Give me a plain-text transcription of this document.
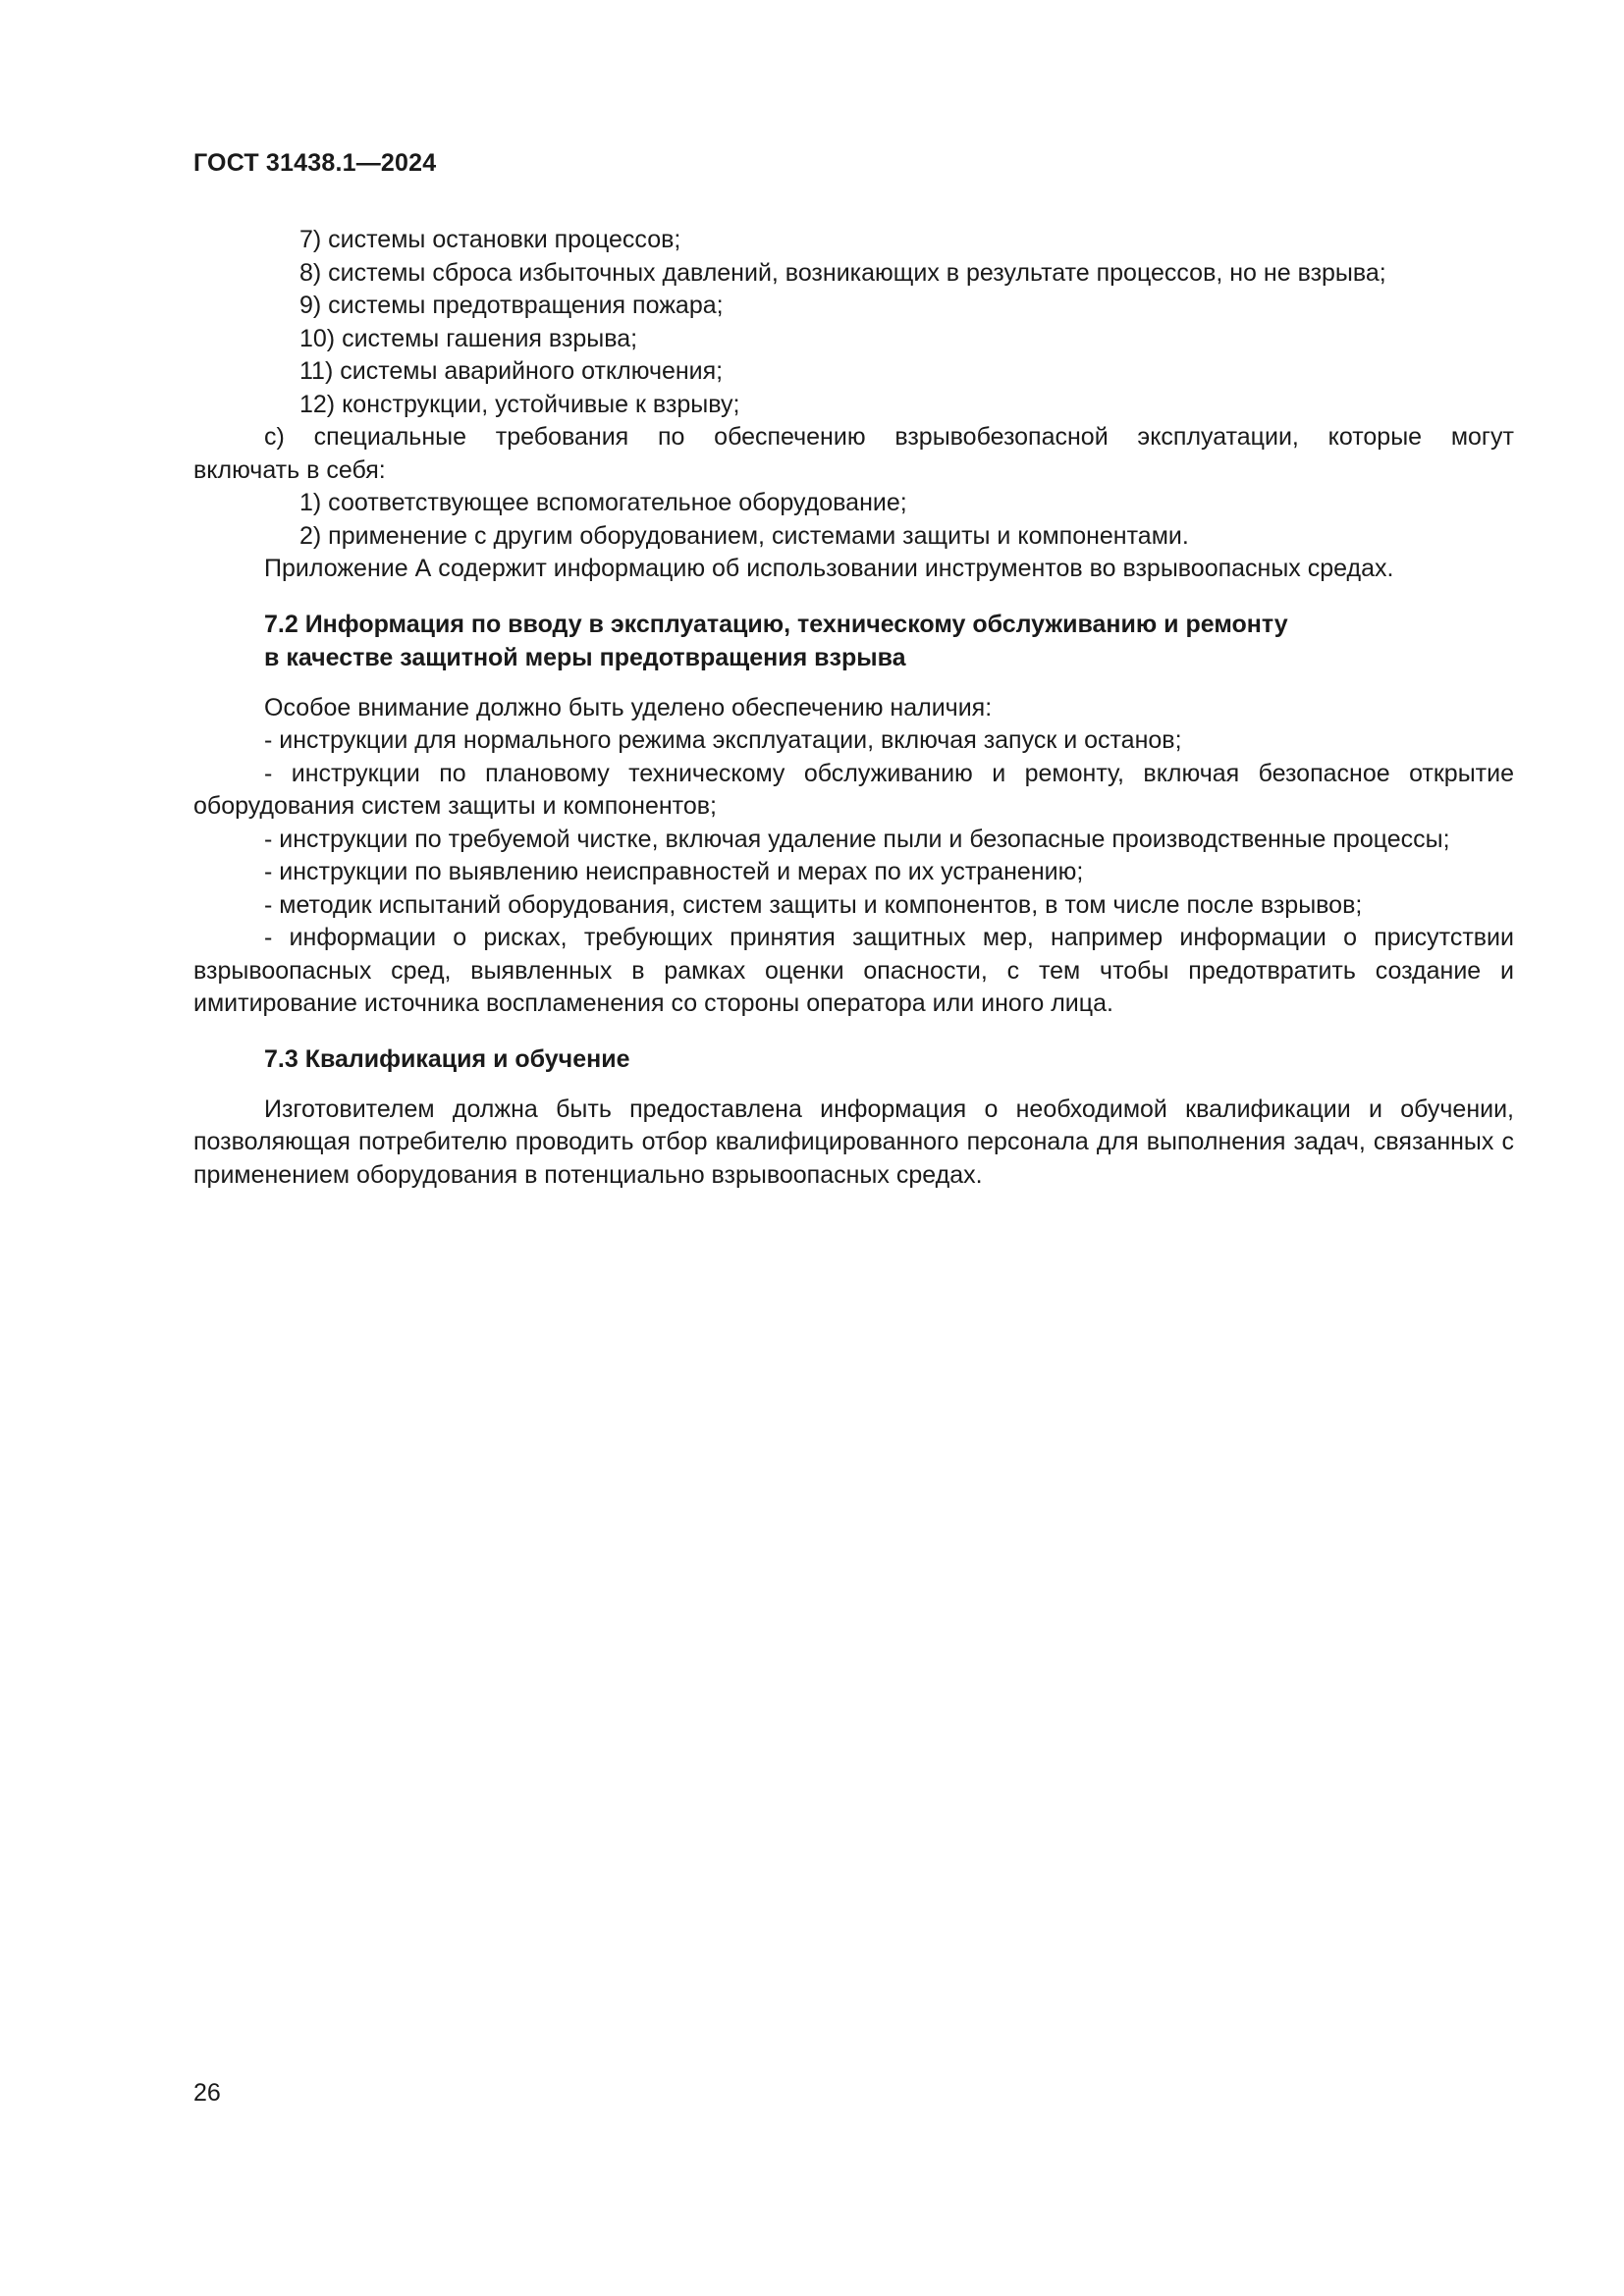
ГОСТ 31438.1—2024

7) системы остановки процессов;

8) системы сброса избыточных давлений, возникающих в результате процессов, но не взрыва;

9) системы предотвращения пожара;

10) системы гашения взрыва;

11) системы аварийного отключения;

12) конструкции, устойчивые к взрыву;

c) специальные требования по обеспечению взрывобезопасной эксплуатации, которые могут

включать в себя:

1) соответствующее вспомогательное оборудование;

2) применение с другим оборудованием, системами защиты и компонентами.

Приложение А содержит информацию об использовании инструментов во взрывоопасных средах.

7.2 Информация по вводу в эксплуатацию, техническому обслуживанию и ремонту

в качестве защитной меры предотвращения взрыва

Особое внимание должно быть уделено обеспечению наличия:

- инструкции для нормального режима эксплуатации, включая запуск и останов;

- инструкции по плановому техническому обслуживанию и ремонту, включая безопасное открытие оборудования систем защиты и компонентов;

- инструкции по требуемой чистке, включая удаление пыли и безопасные производственные процессы;

- инструкции по выявлению неисправностей и мерах по их устранению;

- методик испытаний оборудования, систем защиты и компонентов, в том числе после взрывов;

- информации о рисках, требующих принятия защитных мер, например информации о присутствии взрывоопасных сред, выявленных в рамках оценки опасности, с тем чтобы предотвратить создание и имитирование источника воспламенения со стороны оператора или иного лица.

7.3 Квалификация и обучение

Изготовителем должна быть предоставлена информация о необходимой квалификации и обучении, позволяющая потребителю проводить отбор квалифицированного персонала для выполнения задач, связанных с применением оборудования в потенциально взрывоопасных средах.

26
